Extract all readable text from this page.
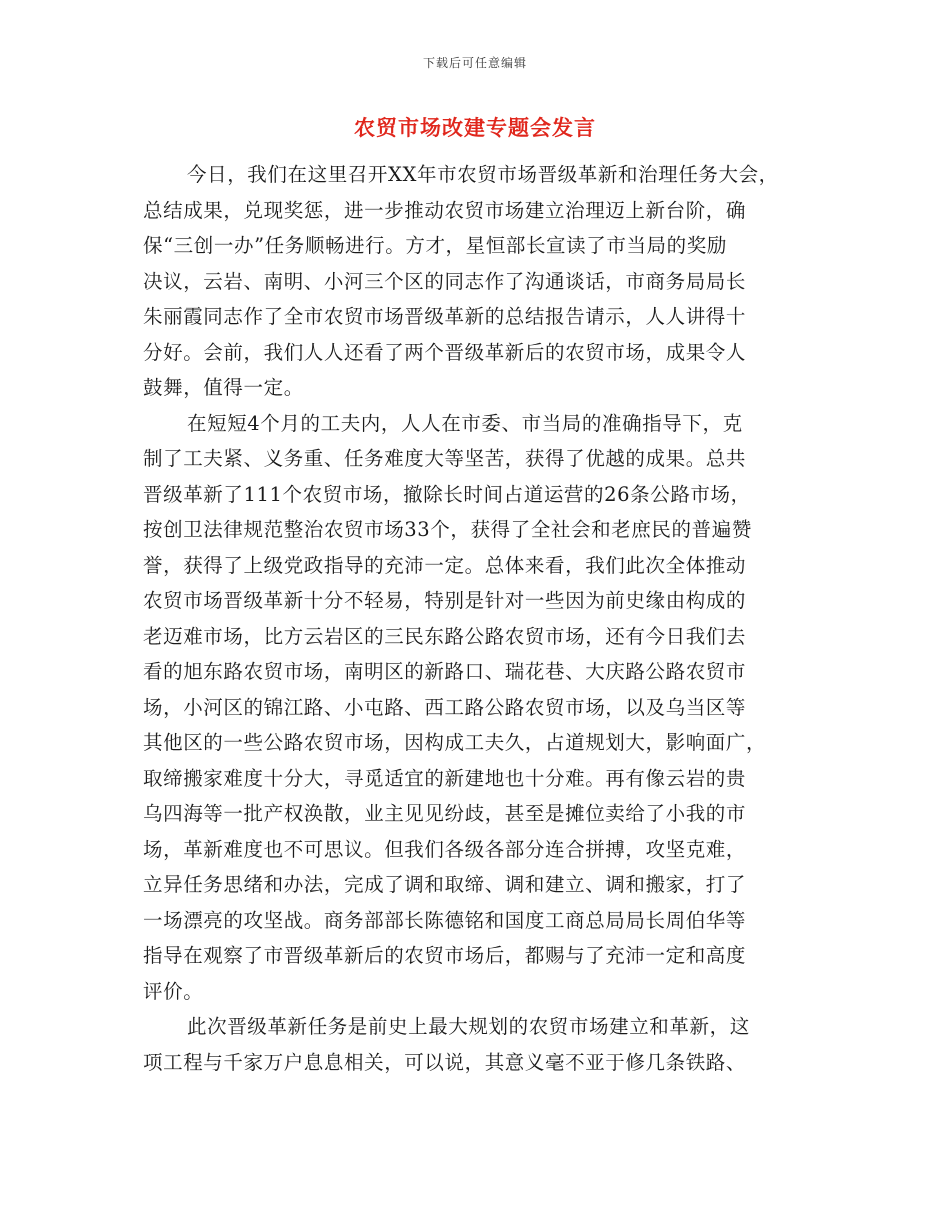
下载后可任意编辑
农贸市场改建专题会发言
今日，我们在这里召开XX年市农贸市场晋级革新和治理任务大会，
总结成果，兑现奖惩，进一步推动农贸市场建立治理迈上新台阶，确
保“三创一办”任务顺畅进行。方才，星恒部长宣读了市当局的奖励
决议，云岩、南明、小河三个区的同志作了沟通谈话，市商务局局长
朱丽霞同志作了全市农贸市场晋级革新的总结报告请示，人人讲得十
分好。会前，我们人人还看了两个晋级革新后的农贸市场，成果令人
鼓舞，值得一定。
在短短4个月的工夫内，人人在市委、市当局的准确指导下，克
制了工夫紧、义务重、任务难度大等坚苦，获得了优越的成果。总共
晋级革新了111个农贸市场，撤除长时间占道运营的26条公路市场，
按创卫法律规范整治农贸市场33个，获得了全社会和老庶民的普遍赞
誉，获得了上级党政指导的充沛一定。总体来看，我们此次全体推动
农贸市场晋级革新十分不轻易，特别是针对一些因为前史缘由构成的
老迈难市场，比方云岩区的三民东路公路农贸市场，还有今日我们去
看的旭东路农贸市场，南明区的新路口、瑞花巷、大庆路公路农贸市
场，小河区的锦江路、小屯路、西工路公路农贸市场，以及乌当区等
其他区的一些公路农贸市场，因构成工夫久，占道规划大，影响面广，
取缔搬家难度十分大，寻觅适宜的新建地也十分难。再有像云岩的贵
乌四海等一批产权涣散，业主见见纷歧，甚至是摊位卖给了小我的市
场，革新难度也不可思议。但我们各级各部分连合拼搏，攻坚克难，
立异任务思绪和办法，完成了调和取缔、调和建立、调和搬家，打了
一场漂亮的攻坚战。商务部部长陈德铭和国度工商总局局长周伯华等
指导在观察了市晋级革新后的农贸市场后，都赐与了充沛一定和高度
评价。
此次晋级革新任务是前史上最大规划的农贸市场建立和革新，这
项工程与千家万户息息相关，可以说，其意义毫不亚于修几条铁路、
